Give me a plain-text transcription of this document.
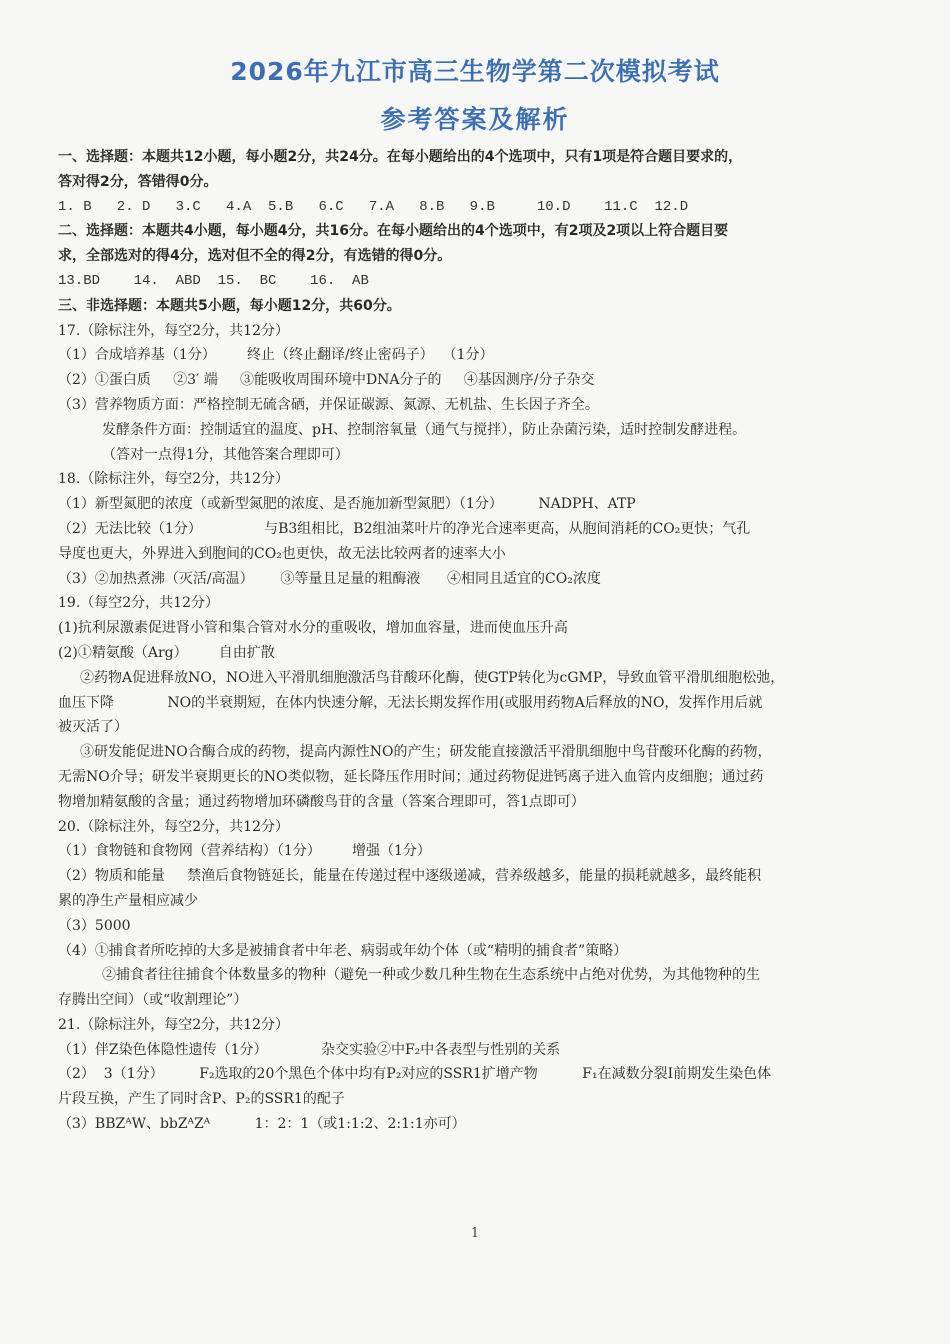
2026年九江市高三生物学第二次模拟考试
参考答案及解析

一、选择题：本题共12小题，每小题2分，共24分。在每小题给出的4个选项中，只有1项是符合题目要求的，

答对得2分，答错得0分。

1. B   2. D   3.C   4.A  5.B   6.C   7.A   8.B   9.B     10.D    11.C  12.D

二、选择题：本题共4小题，每小题4分，共16分。在每小题给出的4个选项中，有2项及2项以上符合题目要

求，全部选对的得4分，选对但不全的得2分，有选错的得0分。

13.BD    14.  ABD  15.  BC    16.  AB

三、非选择题：本题共5小题，每小题12分，共60分。

17.（除标注外，每空2分，共12分）

（1）合成培养基（1分）       终止（终止翻译/终止密码子）  （1分）

（2）①蛋白质     ②3′ 端     ③能吸收周围环境中DNA分子的     ④基因测序/分子杂交

（3）营养物质方面：严格控制无硫含硒，并保证碳源、氮源、无机盐、生长因子齐全。

发酵条件方面：控制适宜的温度、pH、控制溶氧量（通气与搅拌），防止杂菌污染，适时控制发酵进程。

（答对一点得1分，其他答案合理即可）

18.（除标注外，每空2分，共12分）

（1）新型氮肥的浓度（或新型氮肥的浓度、是否施加新型氮肥）（1分）        NADPH、ATP

（2）无法比较（1分）              与B3组相比，B2组油菜叶片的净光合速率更高，从胞间消耗的CO₂更快；气孔

导度也更大，外界进入到胞间的CO₂也更快，故无法比较两者的速率大小

（3）②加热煮沸（灭活/高温）      ③等量且足量的粗酶液      ④相同且适宜的CO₂浓度

19.（每空2分，共12分）

(1)抗利尿激素促进肾小管和集合管对水分的重吸收，增加血容量，进而使血压升高

(2)①精氨酸（Arg）       自由扩散

②药物A促进释放NO，NO进入平滑肌细胞激活鸟苷酸环化酶，使GTP转化为cGMP，导致血管平滑肌细胞松弛，

血压下降            NO的半衰期短，在体内快速分解，无法长期发挥作用(或服用药物A后释放的NO，发挥作用后就

被灭活了）

③研发能促进NO合酶合成的药物，提高内源性NO的产生；研发能直接激活平滑肌细胞中鸟苷酸环化酶的药物，

无需NO介导；研发半衰期更长的NO类似物，延长降压作用时间；通过药物促进钙离子进入血管内皮细胞；通过药

物增加精氨酸的含量；通过药物增加环磷酸鸟苷的含量（答案合理即可，答1点即可）

20.（除标注外，每空2分，共12分）

（1）食物链和食物网（营养结构）（1分）       增强（1分）

（2）物质和能量     禁渔后食物链延长，能量在传递过程中逐级递减，营养级越多，能量的损耗就越多，最终能积

累的净生产量相应减少

（3）5000

（4）①捕食者所吃掉的大多是被捕食者中年老、病弱或年幼个体（或“精明的捕食者”策略）

②捕食者往往捕食个体数量多的物种（避免一种或少数几种生物在生态系统中占绝对优势，为其他物种的生

存腾出空间）（或“收割理论”）

21.（除标注外，每空2分，共12分）

（1）伴Z染色体隐性遗传（1分）            杂交实验②中F₂中各表型与性别的关系

（2）  3（1分）        F₂选取的20个黑色个体中均有P₂对应的SSR1扩增产物          F₁在减数分裂Ⅰ前期发生染色体

片段互换，产生了同时含P、P₂的SSR1的配子

（3）BBZᴬW、bbZᴬZᴬ          1：2：1（或1:1:2、2:1:1亦可）

1
